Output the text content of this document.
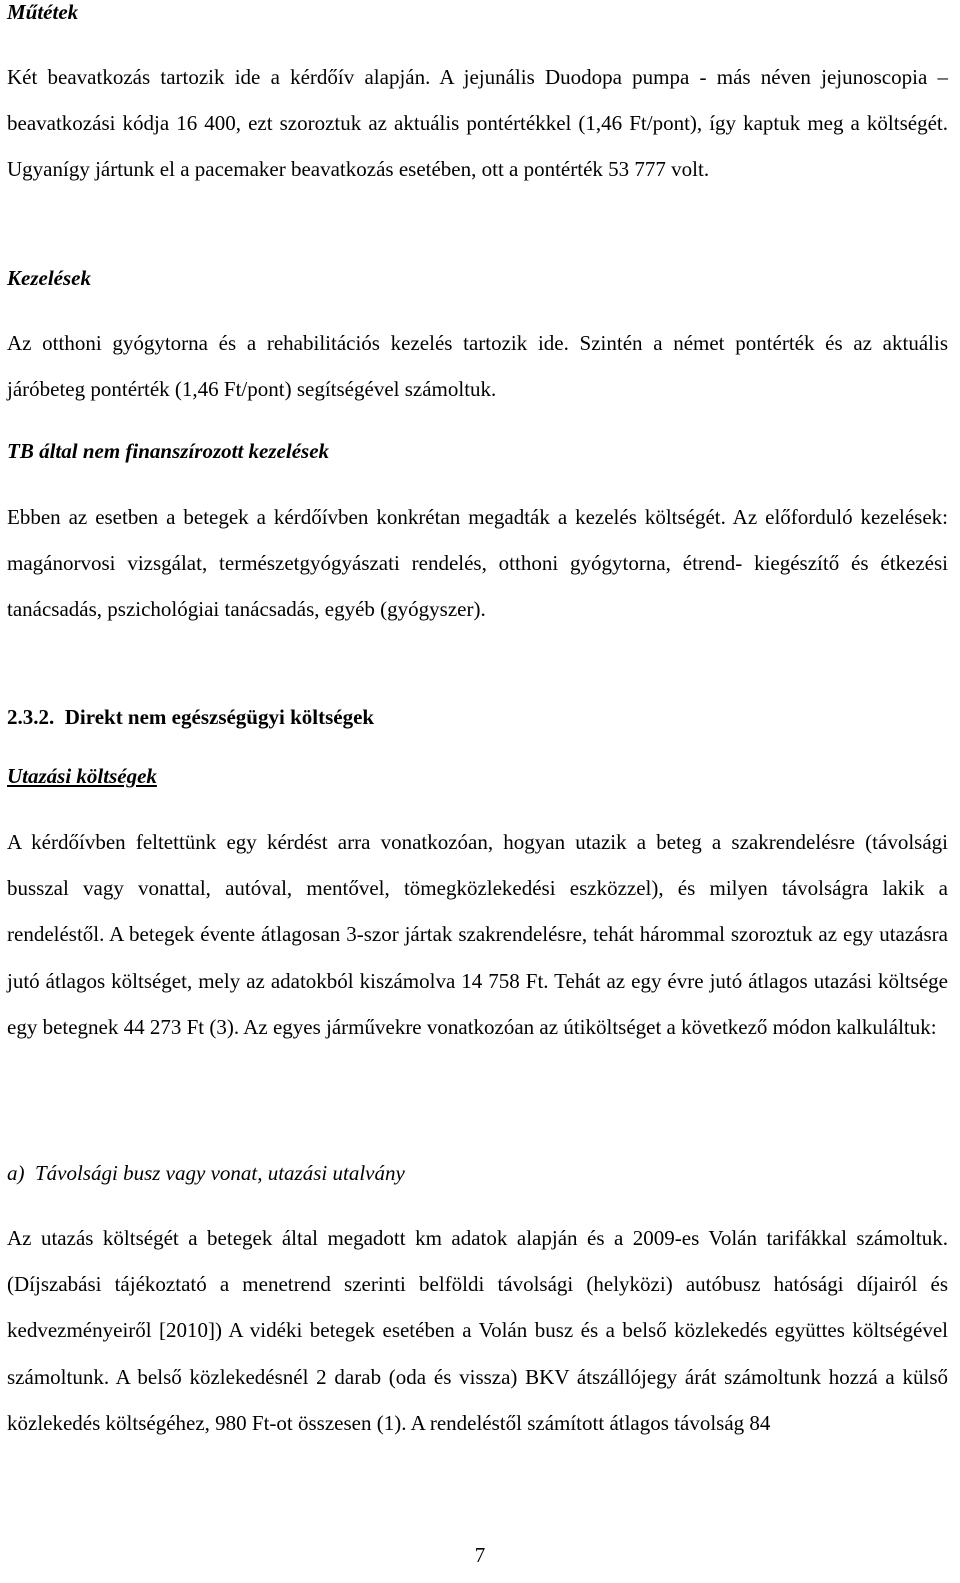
Műtétek
Két beavatkozás tartozik ide a kérdőív alapján. A jejunális Duodopa pumpa - más néven jejunoscopia – beavatkozási kódja 16 400, ezt szoroztuk az aktuális pontértékkel (1,46 Ft/pont), így kaptuk meg a költségét. Ugyanígy jártunk el a pacemaker beavatkozás esetében, ott a pontérték 53 777 volt.
Kezelések
Az otthoni gyógytorna és a rehabilitációs kezelés tartozik ide. Szintén a német pontérték és az aktuális járóbeteg pontérték (1,46 Ft/pont) segítségével számoltuk.
TB által nem finanszírozott kezelések
Ebben az esetben a betegek a kérdőívben konkrétan megadták a kezelés költségét. Az előforduló kezelések: magánorvosi vizsgálat, természetgyógyászati rendelés, otthoni gyógytorna, étrend- kiegészítő és étkezési tanácsadás, pszichológiai tanácsadás, egyéb (gyógyszer).
2.3.2. Direkt nem egészségügyi költségek
Utazási költségek
A kérdőívben feltettünk egy kérdést arra vonatkozóan, hogyan utazik a beteg a szakrendelésre (távolsági busszal vagy vonattal, autóval, mentővel, tömegközlekedési eszközzel), és milyen távolságra lakik a rendeléstől. A betegek évente átlagosan 3-szor jártak szakrendelésre, tehát hárommal szoroztuk az egy utazásra jutó átlagos költséget, mely az adatokból kiszámolva 14 758 Ft. Tehát az egy évre jutó átlagos utazási költsége egy betegnek 44 273 Ft (3). Az egyes járművekre vonatkozóan az útiköltséget a következő módon kalkuláltuk:
a)  Távolsági busz vagy vonat, utazási utalvány
Az utazás költségét a betegek által megadott km adatok alapján és a 2009-es Volán tarifákkal számoltuk. (Díjszabási tájékoztató a menetrend szerinti belföldi távolsági (helyközi) autóbusz hatósági díjairól és kedvezményeiről [2010]) A vidéki betegek esetében a Volán busz és a belső közlekedés együttes költségével számoltunk. A belső közlekedésnél 2 darab (oda és vissza) BKV átszállójegy árát számoltunk hozzá a külső közlekedés költségéhez, 980 Ft-ot összesen (1). A rendeléstől számított átlagos távolság 84
7
